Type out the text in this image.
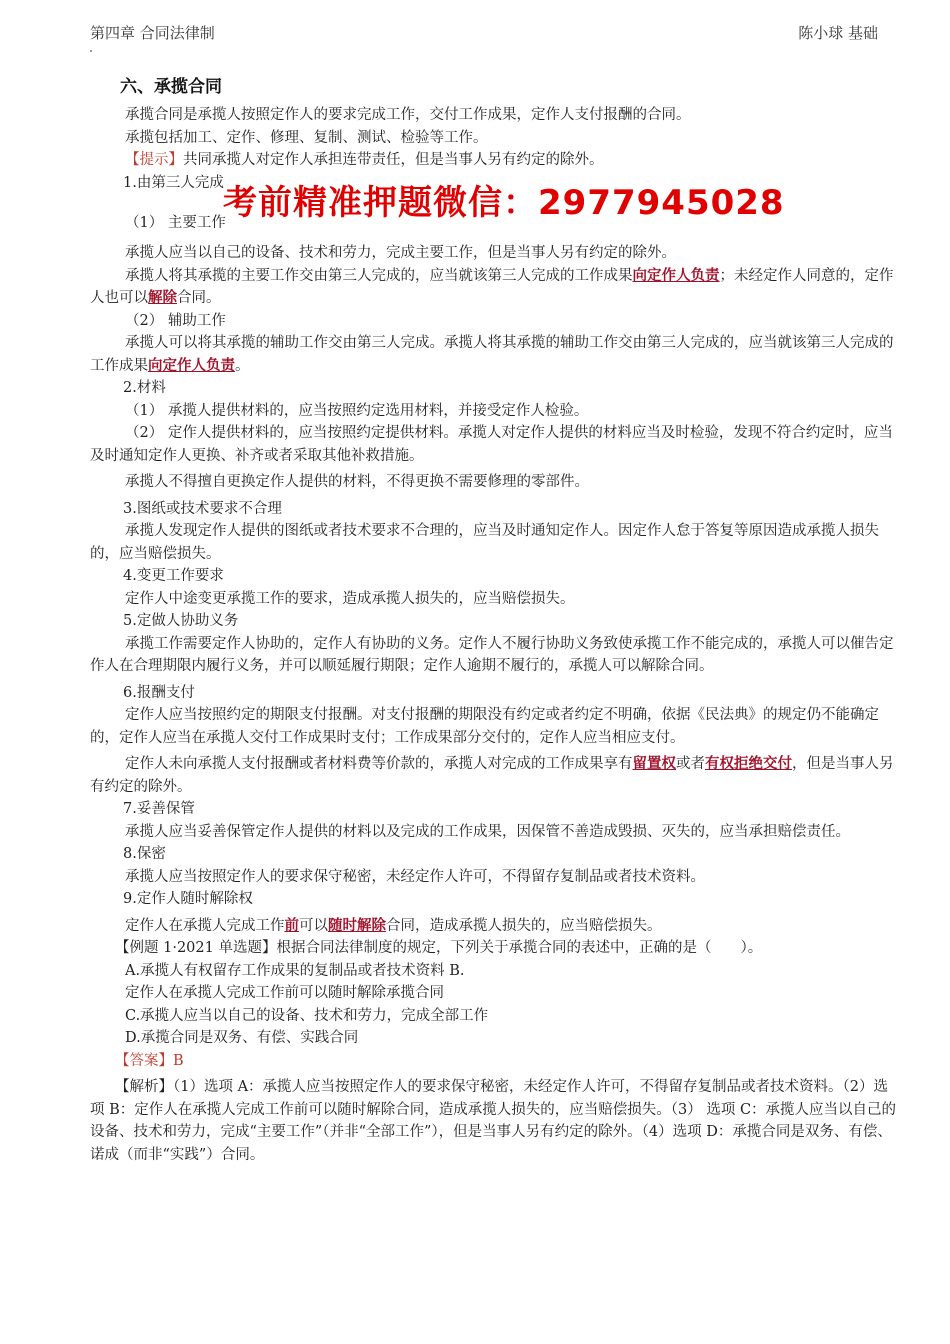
第四章 合同法律制	陈小球 基础
六、承揽合同

承揽合同是承揽人按照定作人的要求完成工作，交付工作成果，定作人支付报酬的合同。

承揽包括加工、定作、修理、复制、测试、检验等工作。

【提示】共同承揽人对定作人承担连带责任，但是当事人另有约定的除外。

1.由第三人完成

（1） 主要工作
考前精准押题微信：2977945028

承揽人应当以自己的设备、技术和劳力，完成主要工作，但是当事人另有约定的除外。

承揽人将其承揽的主要工作交由第三人完成的，应当就该第三人完成的工作成果向定作人负责；未经定作人同意的，定作人也可以解除合同。

（2） 辅助工作

承揽人可以将其承揽的辅助工作交由第三人完成。承揽人将其承揽的辅助工作交由第三人完成的，应当就该第三人完成的工作成果向定作人负责。

2.材料

（1） 承揽人提供材料的，应当按照约定选用材料，并接受定作人检验。

（2） 定作人提供材料的，应当按照约定提供材料。承揽人对定作人提供的材料应当及时检验，发现不符合约定时，应当及时通知定作人更换、补齐或者采取其他补救措施。

承揽人不得擅自更换定作人提供的材料，不得更换不需要修理的零部件。

3.图纸或技术要求不合理

承揽人发现定作人提供的图纸或者技术要求不合理的，应当及时通知定作人。因定作人怠于答复等原因造成承揽人损失的，应当赔偿损失。

4.变更工作要求

定作人中途变更承揽工作的要求，造成承揽人损失的，应当赔偿损失。

5.定做人协助义务

承揽工作需要定作人协助的，定作人有协助的义务。定作人不履行协助义务致使承揽工作不能完成的，承揽人可以催告定作人在合理期限内履行义务，并可以顺延履行期限；定作人逾期不履行的，承揽人可以解除合同。

6.报酬支付

定作人应当按照约定的期限支付报酬。对支付报酬的期限没有约定或者约定不明确，依据《民法典》的规定仍不能确定的，定作人应当在承揽人交付工作成果时支付；工作成果部分交付的，定作人应当相应支付。

定作人未向承揽人支付报酬或者材料费等价款的，承揽人对完成的工作成果享有留置权或者有权拒绝交付，但是当事人另有约定的除外。

7.妥善保管

承揽人应当妥善保管定作人提供的材料以及完成的工作成果，因保管不善造成毁损、灭失的，应当承担赔偿责任。

8.保密

承揽人应当按照定作人的要求保守秘密，未经定作人许可，不得留存复制品或者技术资料。

9.定作人随时解除权

定作人在承揽人完成工作前可以随时解除合同，造成承揽人损失的，应当赔偿损失。

【例题 1·2021 单选题】根据合同法律制度的规定，下列关于承揽合同的表述中，正确的是（　　）。

A.承揽人有权留存工作成果的复制品或者技术资料 B.

定作人在承揽人完成工作前可以随时解除承揽合同

C.承揽人应当以自己的设备、技术和劳力，完成全部工作

D.承揽合同是双务、有偿、实践合同

【答案】B

【解析】（1）选项 A：承揽人应当按照定作人的要求保守秘密，未经定作人许可，不得留存复制品或者技术资料。（2）选项 B：定作人在承揽人完成工作前可以随时解除合同，造成承揽人损失的，应当赔偿损失。（3） 选项 C：承揽人应当以自己的设备、技术和劳力，完成“主要工作”（并非“全部工作”），但是当事人另有约定的除外。（4）选项 D：承揽合同是双务、有偿、诺成（而非“实践”）合同。
